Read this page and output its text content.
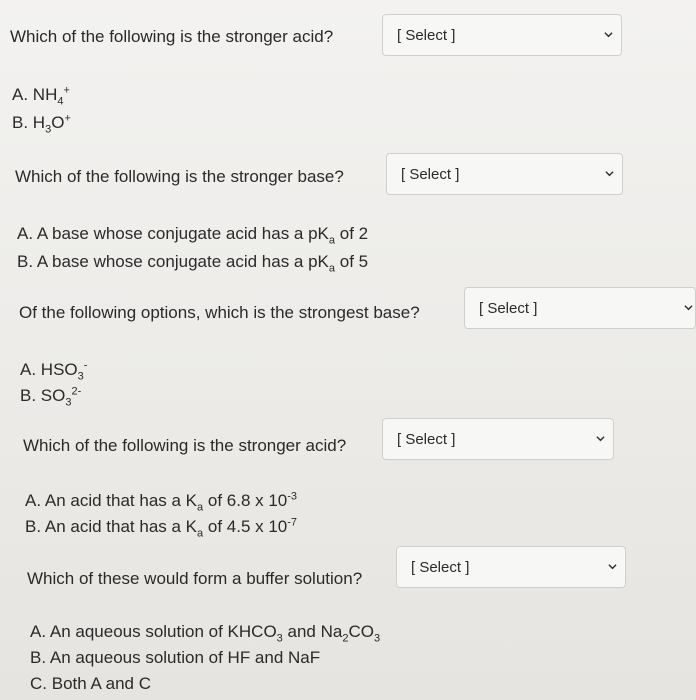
Which of the following is the stronger acid?	[ Select ]
A. $NH_4^+$
B. $H_3O^+$
Which of the following is the stronger base?	[ Select ]
A. A base whose conjugate acid has a $pK_a$ of 2
B. A base whose conjugate acid has a $pK_a$ of 5
Of the following options, which is the strongest base?	[ Select ]
A. $HSO_3^-$
B. $SO_3^{2-}$
Which of the following is the stronger acid?	[ Select ]
A. An acid that has a $K_a$ of 6.8 x $10^{-3}$
B. An acid that has a $K_a$ of 4.5 x $10^{-7}$
Which of these would form a buffer solution?
[ Select ]
A. An aqueous solution of $KHCO_3$ and $Na_2CO_3$
B. An aqueous solution of HF and NaF
C. Both A and C
